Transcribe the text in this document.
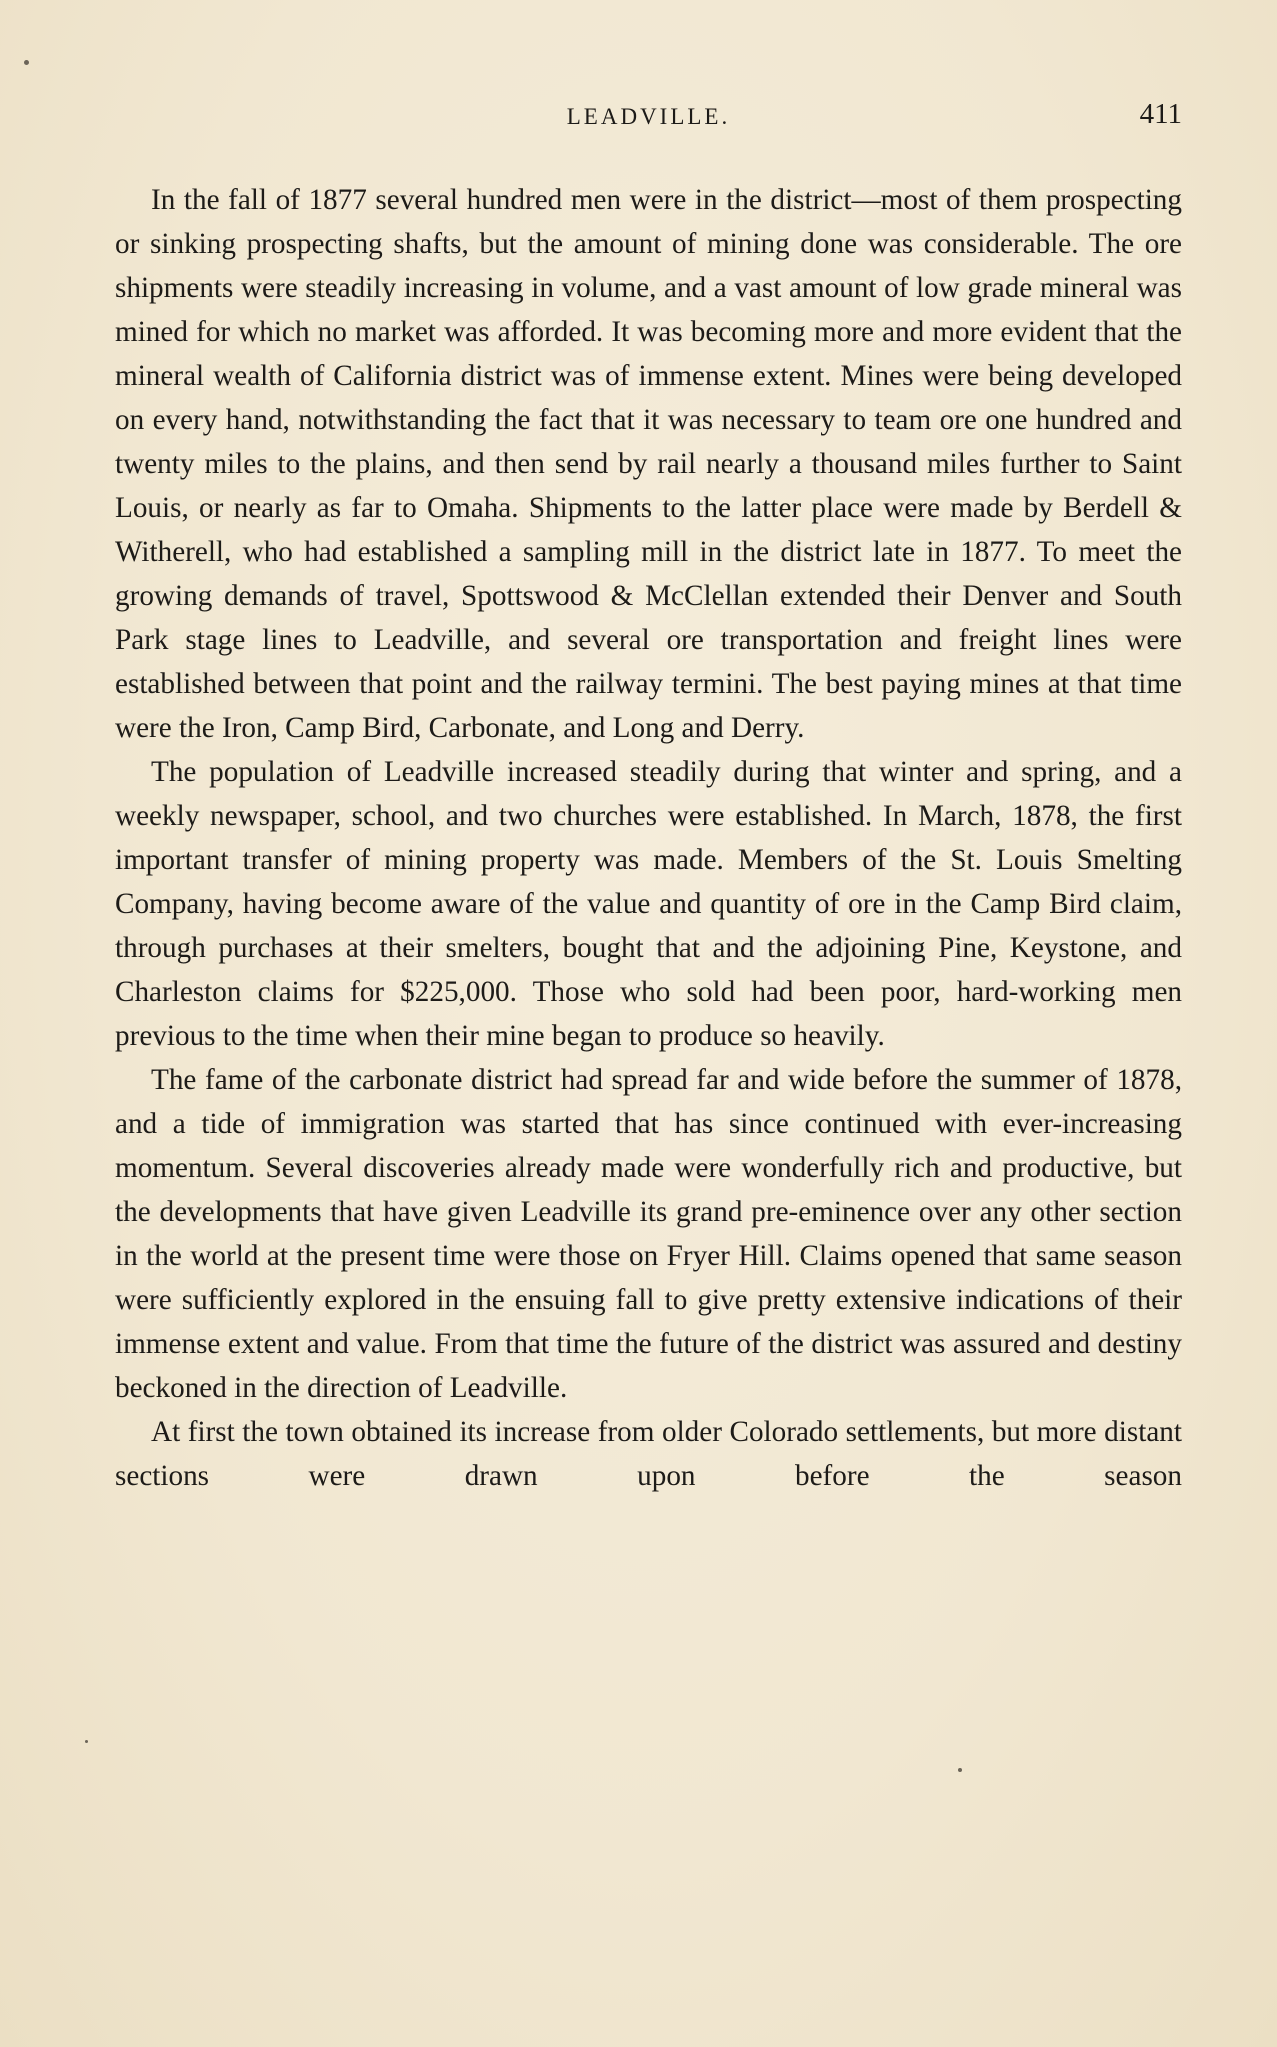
LEADVILLE.	411

In the fall of 1877 several hundred men were in the district—most of them prospecting or sinking prospecting shafts, but the amount of mining done was considerable. The ore shipments were steadily increasing in volume, and a vast amount of low grade mineral was mined for which no market was afforded. It was becoming more and more evident that the mineral wealth of California district was of immense extent. Mines were being developed on every hand, notwithstanding the fact that it was necessary to team ore one hundred and twenty miles to the plains, and then send by rail nearly a thousand miles further to Saint Louis, or nearly as far to Omaha. Shipments to the latter place were made by Berdell & Witherell, who had established a sampling mill in the district late in 1877. To meet the growing demands of travel, Spottswood & McClellan extended their Denver and South Park stage lines to Leadville, and several ore transportation and freight lines were established between that point and the railway termini. The best paying mines at that time were the Iron, Camp Bird, Carbonate, and Long and Derry.

The population of Leadville increased steadily during that winter and spring, and a weekly newspaper, school, and two churches were established. In March, 1878, the first important transfer of mining property was made. Members of the St. Louis Smelting Company, having become aware of the value and quantity of ore in the Camp Bird claim, through purchases at their smelters, bought that and the adjoining Pine, Keystone, and Charleston claims for $225,000. Those who sold had been poor, hard-working men previous to the time when their mine began to produce so heavily.

The fame of the carbonate district had spread far and wide before the summer of 1878, and a tide of immigration was started that has since continued with ever-increasing momentum. Several discoveries already made were wonderfully rich and productive, but the developments that have given Leadville its grand pre-eminence over any other section in the world at the present time were those on Fryer Hill. Claims opened that same season were sufficiently explored in the ensuing fall to give pretty extensive indications of their immense extent and value. From that time the future of the district was assured and destiny beckoned in the direction of Leadville.

At first the town obtained its increase from older Colorado settlements, but more distant sections were drawn upon before the season
